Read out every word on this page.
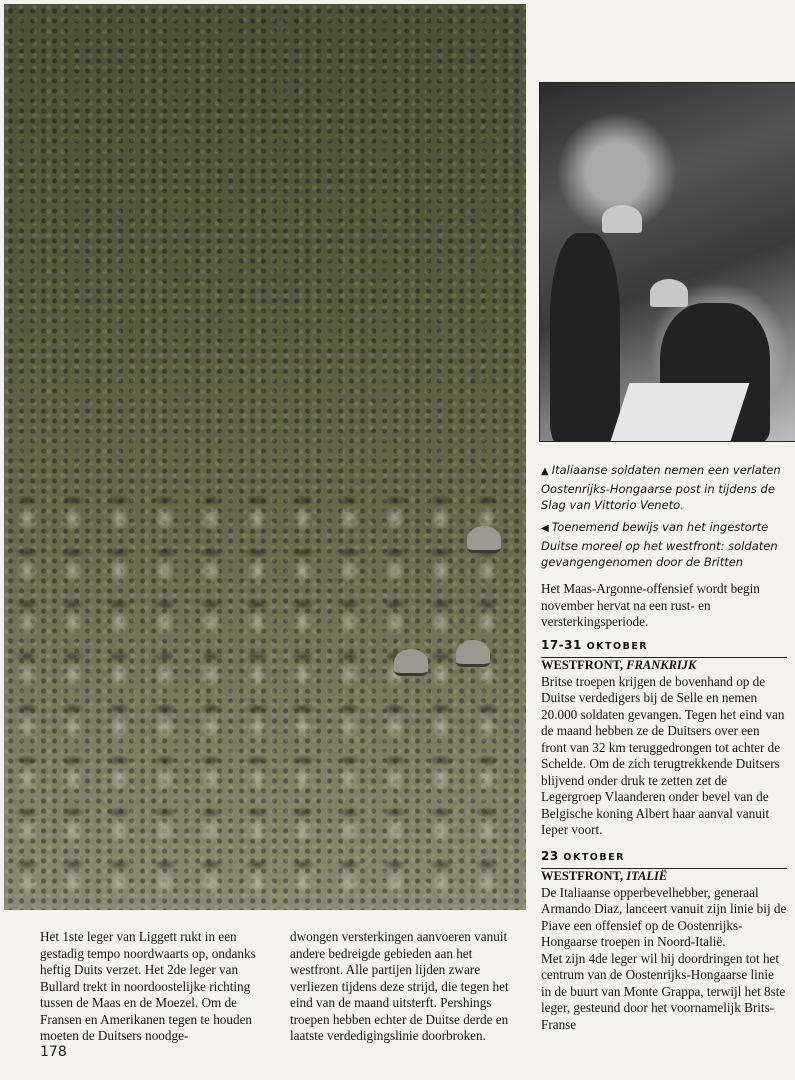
▲ Italiaanse soldaten nemen een verlaten Oostenrijks-Hongaarse post in tijdens de Slag van Vittorio Veneto.
◀ Toenemend bewijs van het ingestorte Duitse moreel op het westfront: soldaten gevangengenomen door de Britten
Het Maas-Argonne-offensief wordt begin november hervat na een rust- en versterkingsperiode.
17-31 OKTOBER
WESTFRONT, FRANKRIJK
Britse troepen krijgen de bovenhand op de Duitse verdedigers bij de Selle en nemen 20.000 soldaten gevangen. Tegen het eind van de maand hebben ze de Duitsers over een front van 32 km teruggedrongen tot achter de Schelde. Om de zich terugtrekkende Duitsers blijvend onder druk te zetten zet de Legergroep Vlaanderen onder bevel van de Belgische koning Albert haar aanval vanuit Ieper voort.
23 OKTOBER
WESTFRONT, ITALIË
De Italiaanse opperbevelhebber, generaal Armando Diaz, lanceert vanuit zijn linie bij de Piave een offensief op de Oostenrijks-Hongaarse troepen in Noord-Italië.
Met zijn 4de leger wil hij doordringen tot het centrum van de Oostenrijks-Hongaarse linie in de buurt van Monte Grappa, terwijl het 8ste leger, gesteund door het voornamelijk Brits-Franse
Het 1ste leger van Liggett rukt in een gestadig tempo noordwaarts op, ondanks heftig Duits verzet. Het 2de leger van Bullard trekt in noordoostelijke richting tussen de Maas en de Moezel. Om de Fransen en Amerikanen tegen te houden moeten de Duitsers noodge-
dwongen versterkingen aanvoeren vanuit andere bedreigde gebieden aan het westfront. Alle partijen lijden zware verliezen tijdens deze strijd, die tegen het eind van de maand uitsterft. Pershings troepen hebben echter de Duitse derde en laatste verdedigingslinie doorbroken.
178
